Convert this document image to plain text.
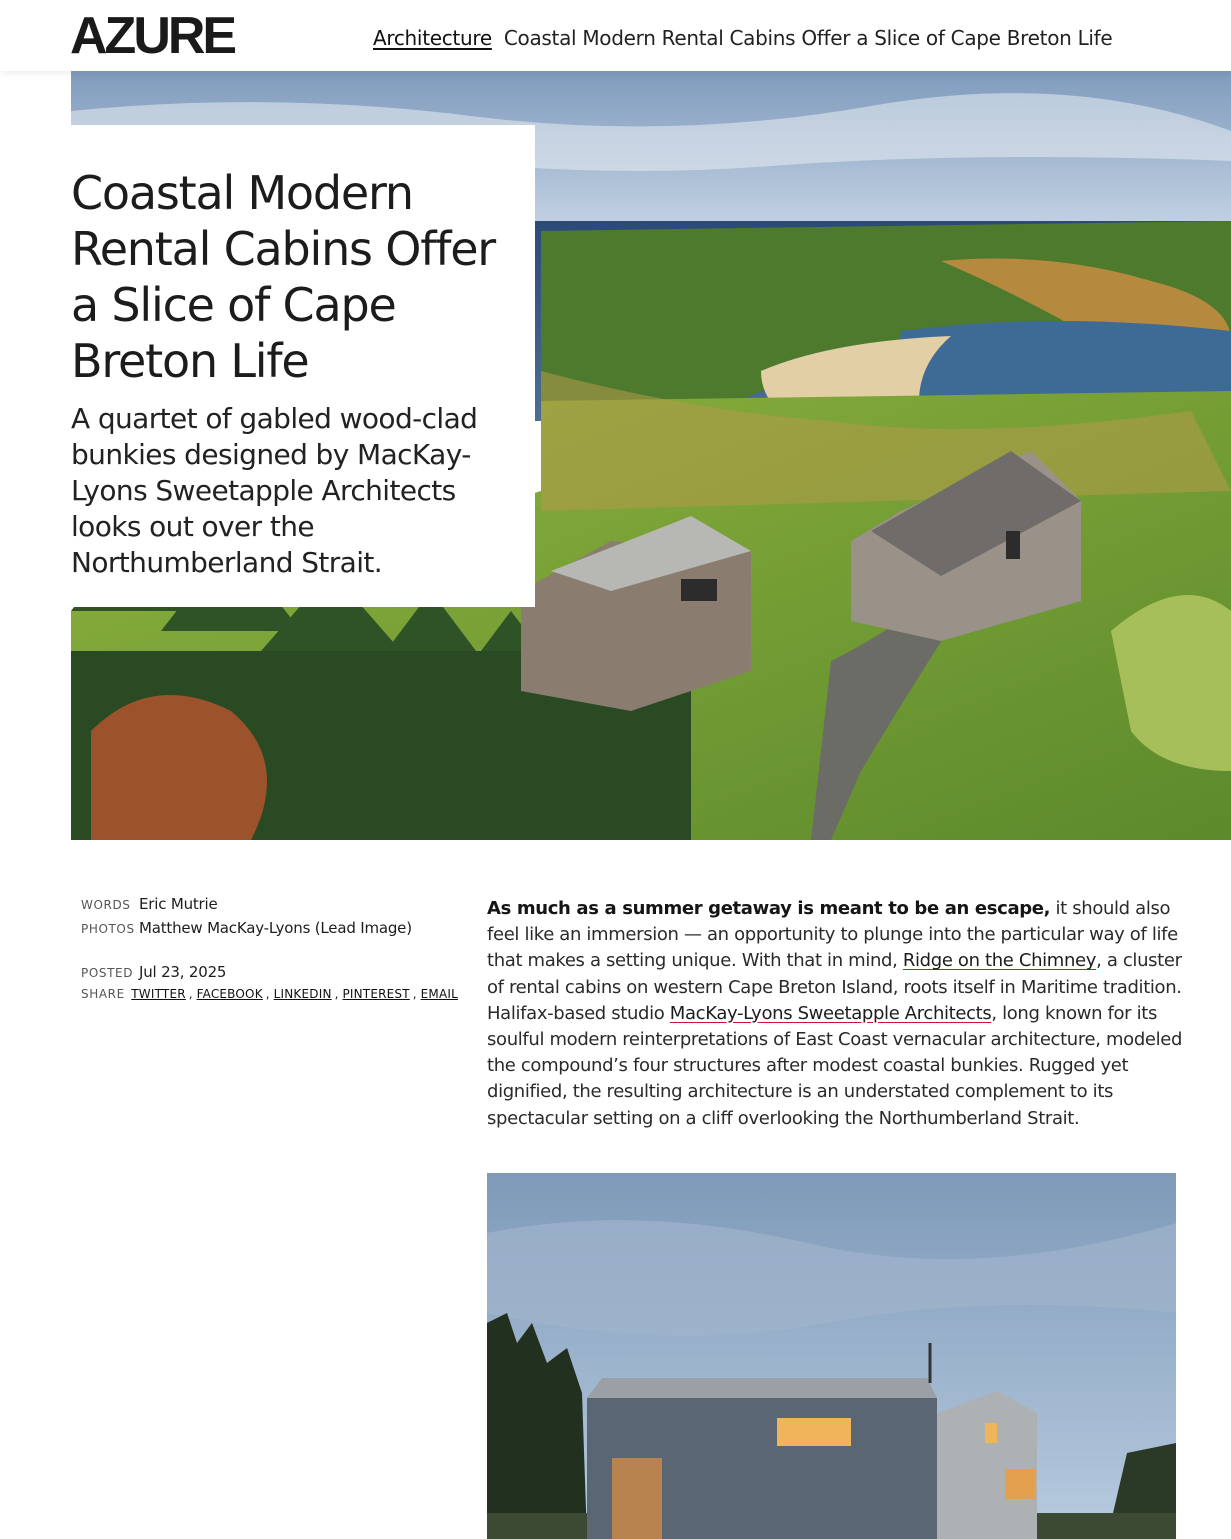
AZURE	Architecture Coastal Modern Rental Cabins Offer a Slice of Cape Breton Life
Coastal Modern Rental Cabins Offer a Slice of Cape Breton Life

A quartet of gabled wood-clad bunkies designed by MacKay-Lyons Sweetapple Architects looks out over the Northumberland Strait.

WORDS Eric Mutrie
PHOTOS Matthew MacKay-Lyons (Lead Image)
POSTED Jul 23, 2025
SHARE TWITTER , FACEBOOK , LINKEDIN , PINTEREST , EMAIL

As much as a summer getaway is meant to be an escape, it should also feel like an immersion — an opportunity to plunge into the particular way of life that makes a setting unique. With that in mind, Ridge on the Chimney, a cluster of rental cabins on western Cape Breton Island, roots itself in Maritime tradition. Halifax-based studio MacKay-Lyons Sweetapple Architects, long known for its soulful modern reinterpretations of East Coast vernacular architecture, modeled the compound’s four structures after modest coastal bunkies. Rugged yet dignified, the resulting architecture is an understated complement to its spectacular setting on a cliff overlooking the Northumberland Strait.
